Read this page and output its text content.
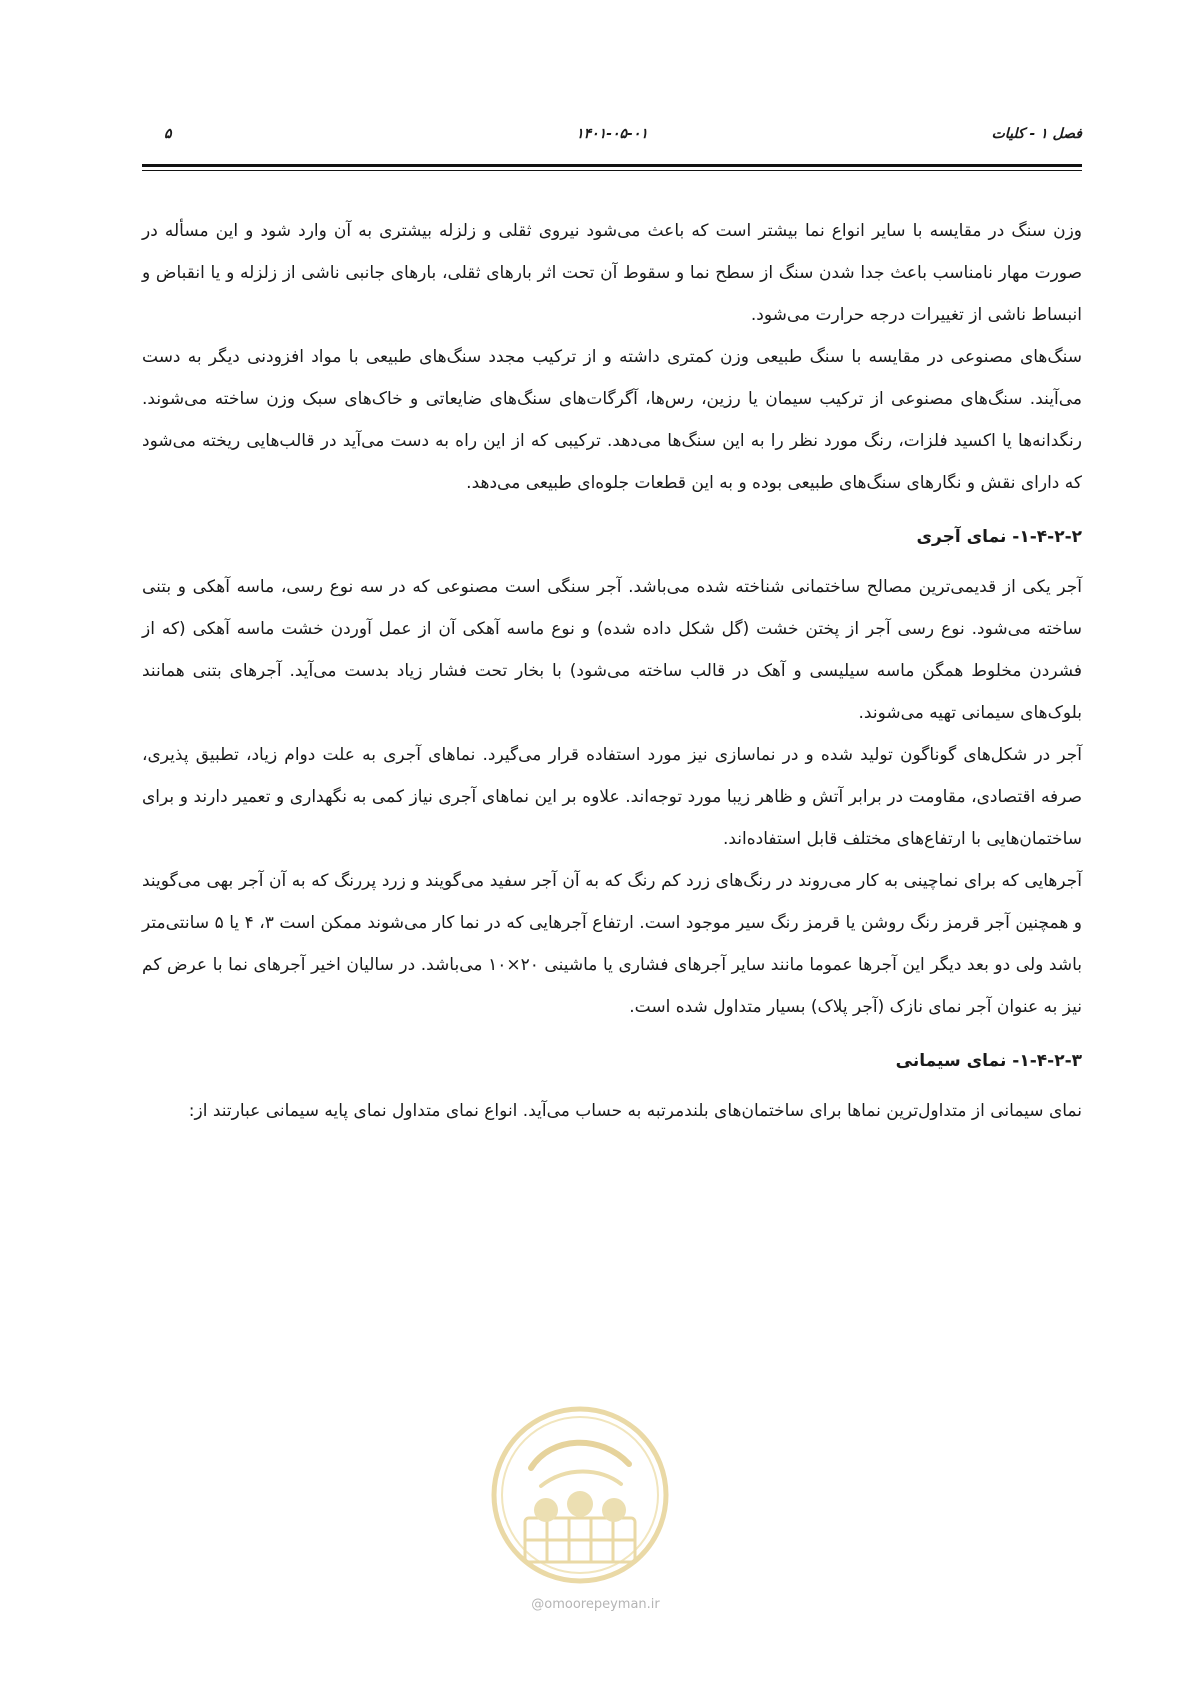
فصل ۱ - کلیات
۱۴۰۱-۰۵-۰۱
۵

وزن سنگ در مقایسه با سایر انواع نما بیشتر است که باعث می‌شود نیروی ثقلی و زلزله بیشتری به آن وارد شود و این مسأله در صورت مهار نامناسب باعث جدا شدن سنگ از سطح نما و سقوط آن تحت اثر بارهای ثقلی، بارهای جانبی ناشی از زلزله و یا انقباض و انبساط ناشی از تغییرات درجه حرارت می‌شود.

سنگ‌های مصنوعی در مقایسه با سنگ طبیعی وزن کمتری داشته و از ترکیب مجدد سنگ‌های طبیعی با مواد افزودنی دیگر به دست می‌آیند. سنگ‌های مصنوعی از ترکیب سیمان یا رزین، رس‌ها، آگرگات‌های سنگ‌های ضایعاتی و خاک‌های سبک وزن ساخته می‌شوند. رنگدانه‌ها یا اکسید فلزات، رنگ مورد نظر را به این سنگ‌ها می‌دهد. ترکیبی که از این راه به دست می‌آید در قالب‌هایی ریخته می‌شود که دارای نقش و نگارهای سنگ‌های طبیعی بوده و به این قطعات جلوه‌ای طبیعی می‌دهد.

۱-۴-۲-۲- نمای آجری

آجر یکی از قدیمی‌ترین مصالح ساختمانی شناخته شده می‌باشد. آجر سنگی است مصنوعی که در سه نوع رسی، ماسه آهکی و بتنی ساخته می‌شود. نوع رسی آجر از پختن خشت (گل شکل داده شده) و نوع ماسه آهکی آن از عمل آوردن خشت ماسه آهکی (که از فشردن مخلوط همگن ماسه سیلیسی و آهک در قالب ساخته می‌شود) با بخار تحت فشار زیاد بدست می‌آید. آجرهای بتنی همانند بلوک‌های سیمانی تهیه می‌شوند.

آجر در شکل‌های گوناگون تولید شده و در نماسازی نیز مورد استفاده قرار می‌گیرد. نماهای آجری به علت دوام زیاد، تطبیق پذیری، صرفه اقتصادی، مقاومت در برابر آتش و ظاهر زیبا مورد توجه‌اند. علاوه بر این نماهای آجری نیاز کمی به نگهداری و تعمیر دارند و برای ساختمان‌هایی با ارتفاع‌های مختلف قابل استفاده‌اند.

آجرهایی که برای نماچینی به کار می‌روند در رنگ‌های زرد کم رنگ که به آن آجر سفید می‌گویند و زرد پررنگ که به آن آجر بهی می‌گویند و همچنین آجر قرمز رنگ روشن یا قرمز رنگ سیر موجود است. ارتفاع آجرهایی که در نما کار می‌شوند ممکن است ۳، ۴ یا ۵ سانتی‌متر باشد ولی دو بعد دیگر این آجرها عموما مانند سایر آجرهای فشاری یا ماشینی ۲۰×۱۰ می‌باشد. در سالیان اخیر آجرهای نما با عرض کم نیز به عنوان آجر نمای نازک (آجر پلاک) بسیار متداول شده است.

۱-۴-۲-۳- نمای سیمانی

نمای سیمانی از متداول‌ترین نماها برای ساختمان‌های بلندمرتبه به حساب می‌آید. انواع نمای متداول نمای پایه سیمانی عبارتند از:

@omoorepeyman.ir
